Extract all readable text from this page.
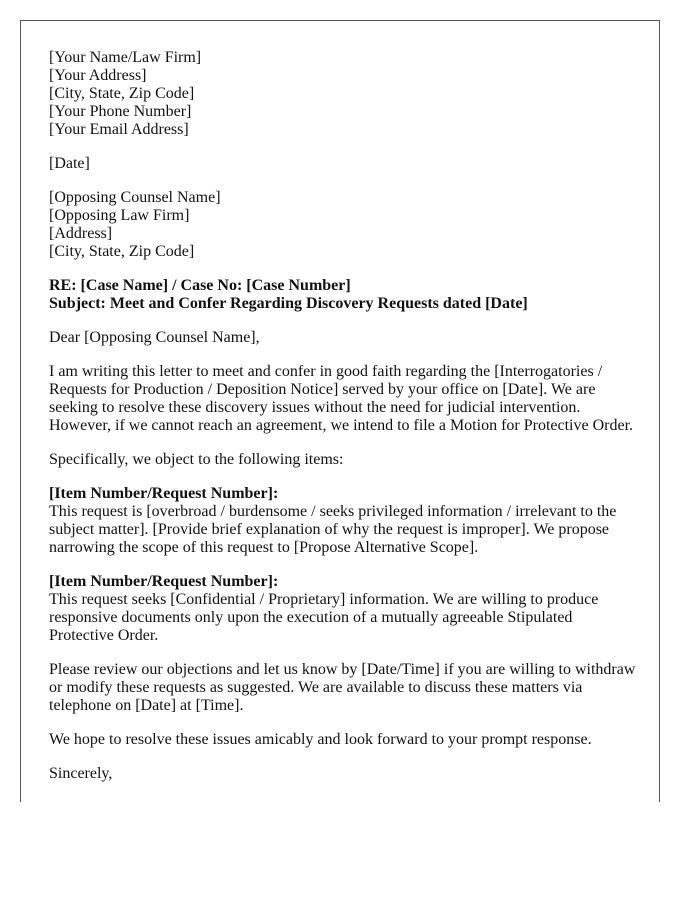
[Your Name/Law Firm]
[Your Address]
[City, State, Zip Code]
[Your Phone Number]
[Your Email Address]
[Date]
[Opposing Counsel Name]
[Opposing Law Firm]
[Address]
[City, State, Zip Code]
RE: [Case Name] / Case No: [Case Number]
Subject: Meet and Confer Regarding Discovery Requests dated [Date]
Dear [Opposing Counsel Name],
I am writing this letter to meet and confer in good faith regarding the [Interrogatories / Requests for Production / Deposition Notice] served by your office on [Date]. We are seeking to resolve these discovery issues without the need for judicial intervention. However, if we cannot reach an agreement, we intend to file a Motion for Protective Order.
Specifically, we object to the following items:
[Item Number/Request Number]:
This request is [overbroad / burdensome / seeks privileged information / irrelevant to the subject matter]. [Provide brief explanation of why the request is improper]. We propose narrowing the scope of this request to [Propose Alternative Scope].
[Item Number/Request Number]:
This request seeks [Confidential / Proprietary] information. We are willing to produce responsive documents only upon the execution of a mutually agreeable Stipulated Protective Order.
Please review our objections and let us know by [Date/Time] if you are willing to withdraw or modify these requests as suggested. We are available to discuss these matters via telephone on [Date] at [Time].
We hope to resolve these issues amicably and look forward to your prompt response.
Sincerely,
